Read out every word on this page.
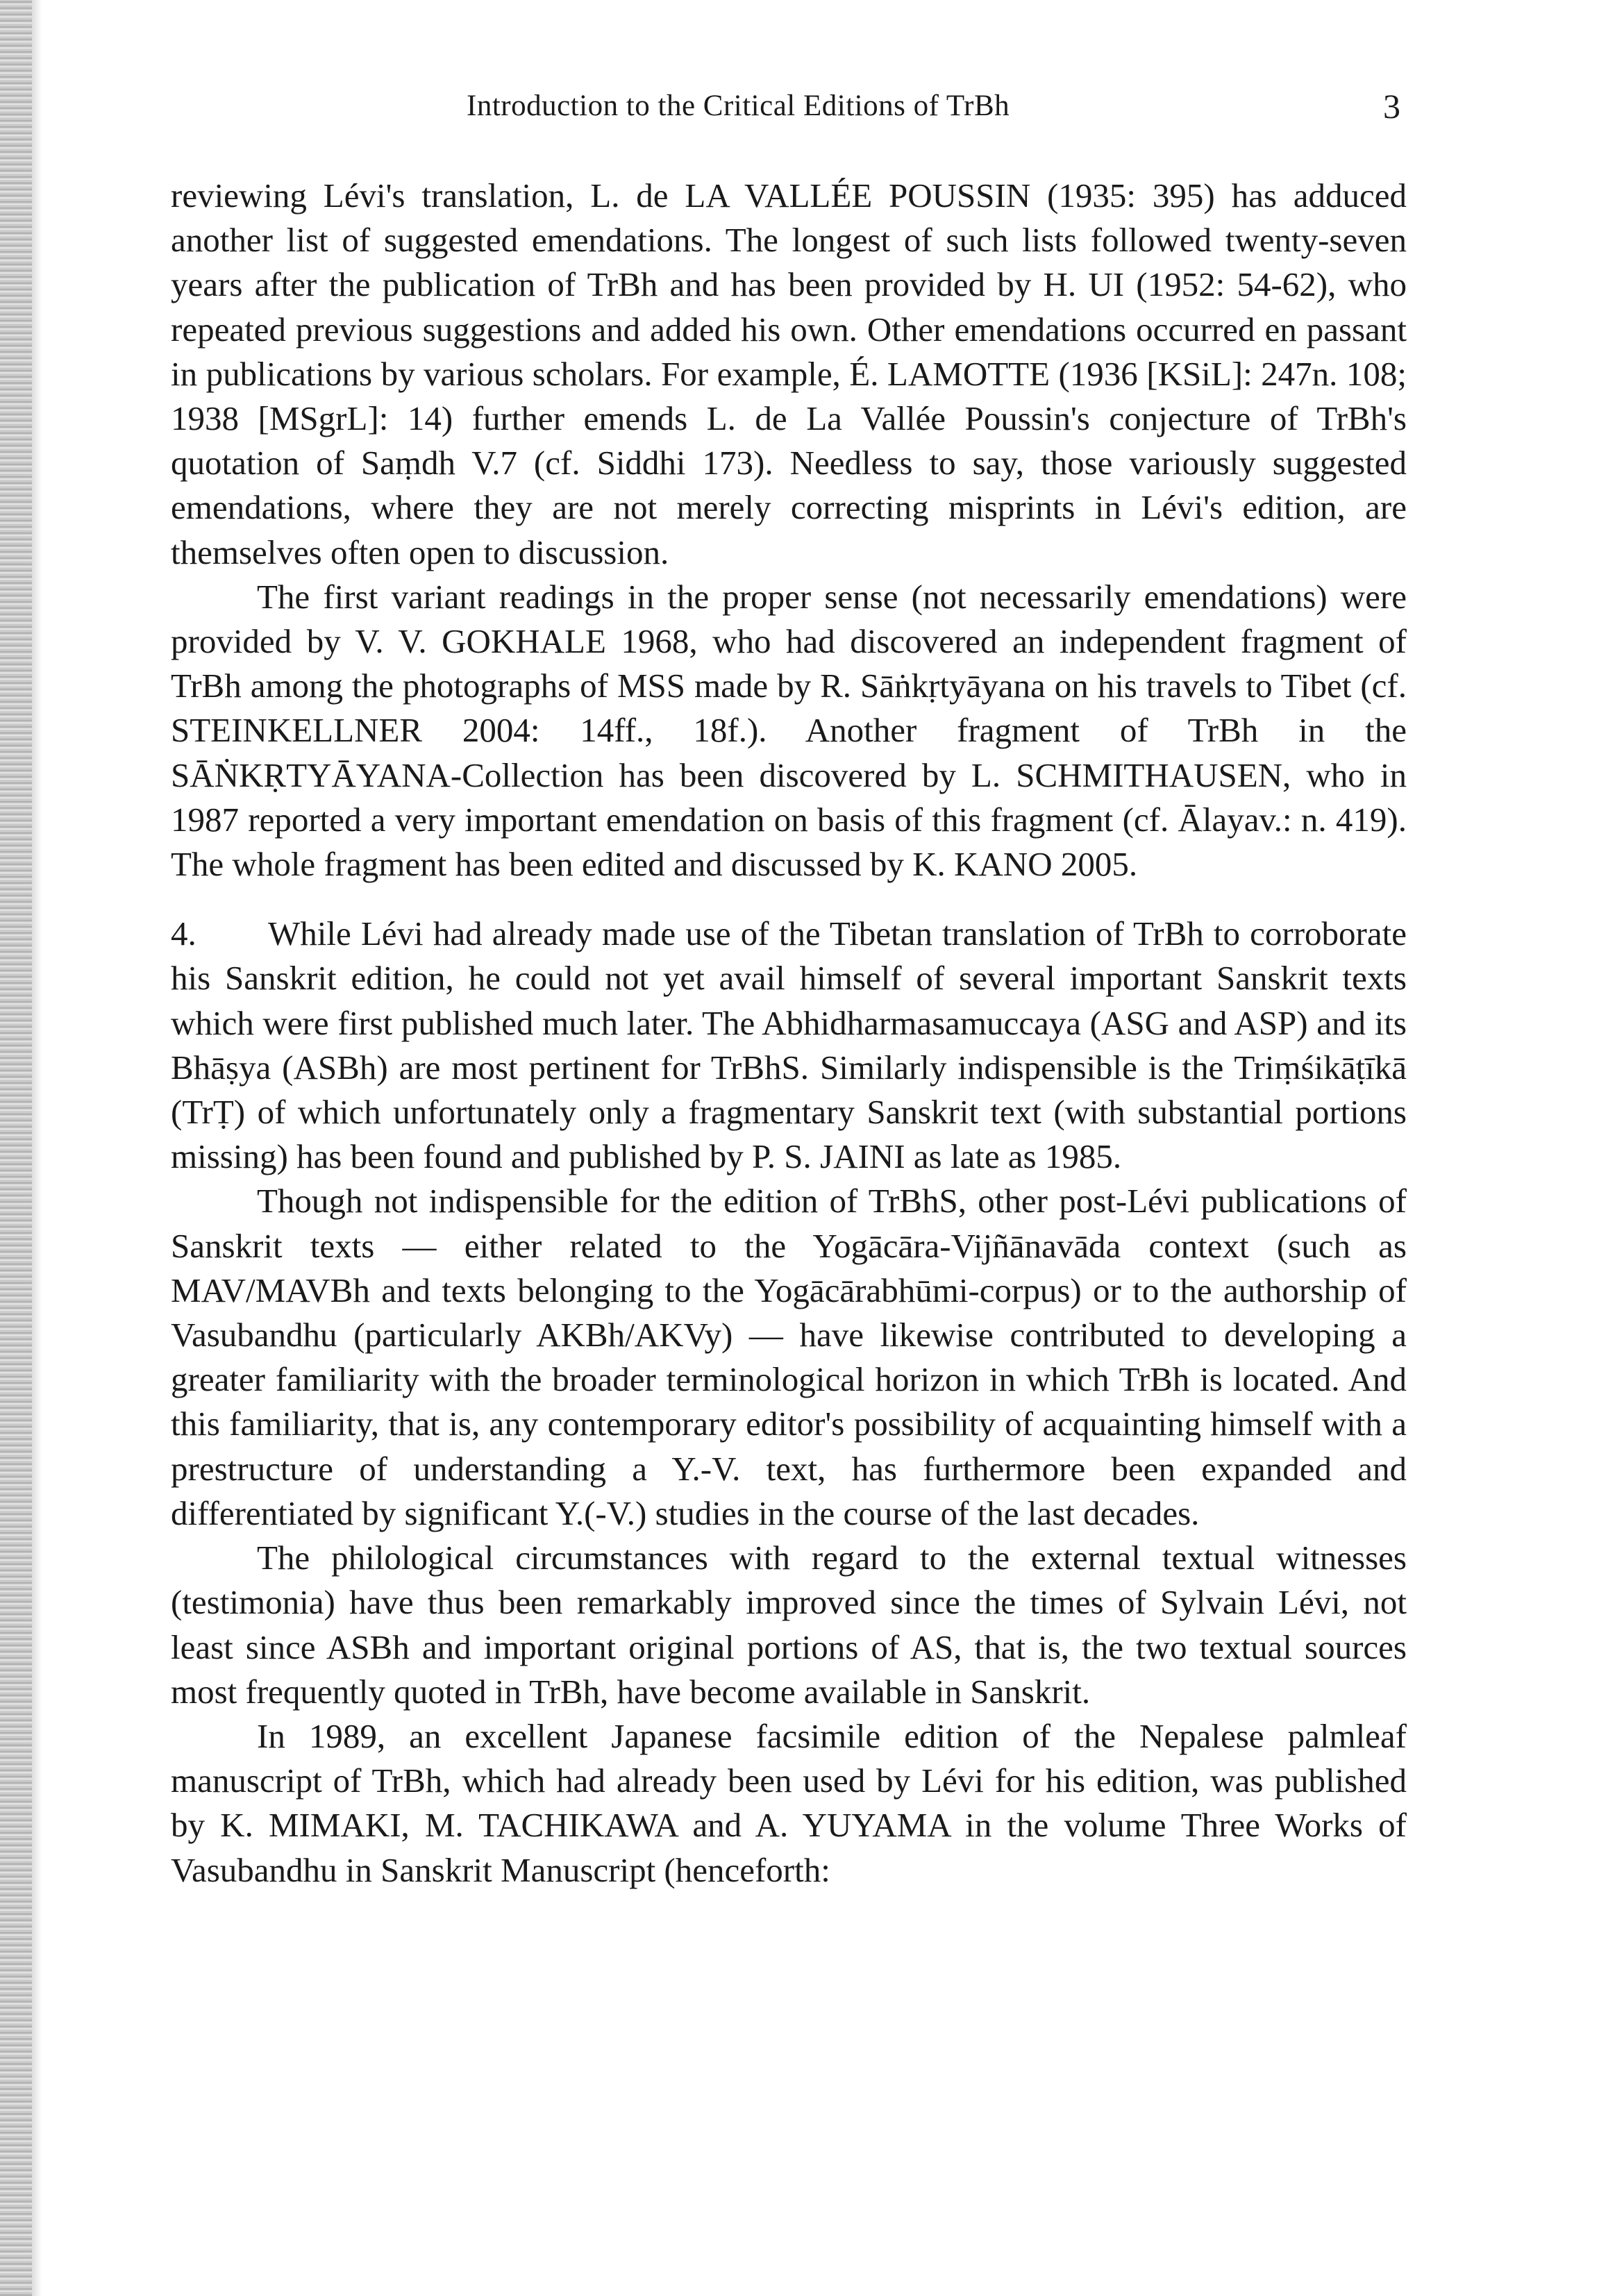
Introduction to the Critical Editions of TrBh	3

reviewing Lévi's translation, L. de LA VALLÉE POUSSIN (1935: 395) has adduced another list of suggested emendations. The longest of such lists followed twenty-seven years after the publication of TrBh and has been provided by H. UI (1952: 54-62), who repeated previous suggestions and added his own. Other emendations occurred en passant in publications by various scholars. For example, É. LAMOTTE (1936 [KSiL]: 247n. 108; 1938 [MSgrL]: 14) further emends L. de La Vallée Poussin's conjecture of TrBh's quotation of Saṃdh V.7 (cf. Siddhi 173). Needless to say, those variously suggested emendations, where they are not merely correcting misprints in Lévi's edition, are themselves often open to discussion.

The first variant readings in the proper sense (not necessarily emendations) were provided by V. V. GOKHALE 1968, who had discovered an independent fragment of TrBh among the photographs of MSS made by R. Sāṅkṛtyāyana on his travels to Tibet (cf. STEINKELLNER 2004: 14ff., 18f.). Another fragment of TrBh in the SĀṄKṚTYĀYANA-Collection has been discovered by L. SCHMITHAUSEN, who in 1987 reported a very important emendation on basis of this fragment (cf. Ālayav.: n. 419). The whole fragment has been edited and discussed by K. KANO 2005.

4. While Lévi had already made use of the Tibetan translation of TrBh to corroborate his Sanskrit edition, he could not yet avail himself of several important Sanskrit texts which were first published much later. The Abhidharmasamuccaya (ASG and ASP) and its Bhāṣya (ASBh) are most pertinent for TrBhS. Similarly indispensible is the Triṃśikāṭīkā (TrṬ) of which unfortunately only a fragmentary Sanskrit text (with substantial portions missing) has been found and published by P. S. JAINI as late as 1985.

Though not indispensible for the edition of TrBhS, other post-Lévi publications of Sanskrit texts — either related to the Yogācāra-Vijñānavāda context (such as MAV/MAVBh and texts belonging to the Yogācārabhūmi-corpus) or to the authorship of Vasubandhu (particularly AKBh/AKVy) — have likewise contributed to developing a greater familiarity with the broader terminological horizon in which TrBh is located. And this familiarity, that is, any contemporary editor's possibility of acquainting himself with a prestructure of understanding a Y.-V. text, has furthermore been expanded and differentiated by significant Y.(-V.) studies in the course of the last decades.

The philological circumstances with regard to the external textual witnesses (testimonia) have thus been remarkably improved since the times of Sylvain Lévi, not least since ASBh and important original portions of AS, that is, the two textual sources most frequently quoted in TrBh, have become available in Sanskrit.

In 1989, an excellent Japanese facsimile edition of the Nepalese palmleaf manuscript of TrBh, which had already been used by Lévi for his edition, was published by K. MIMAKI, M. TACHIKAWA and A. YUYAMA in the volume Three Works of Vasubandhu in Sanskrit Manuscript (henceforth:
